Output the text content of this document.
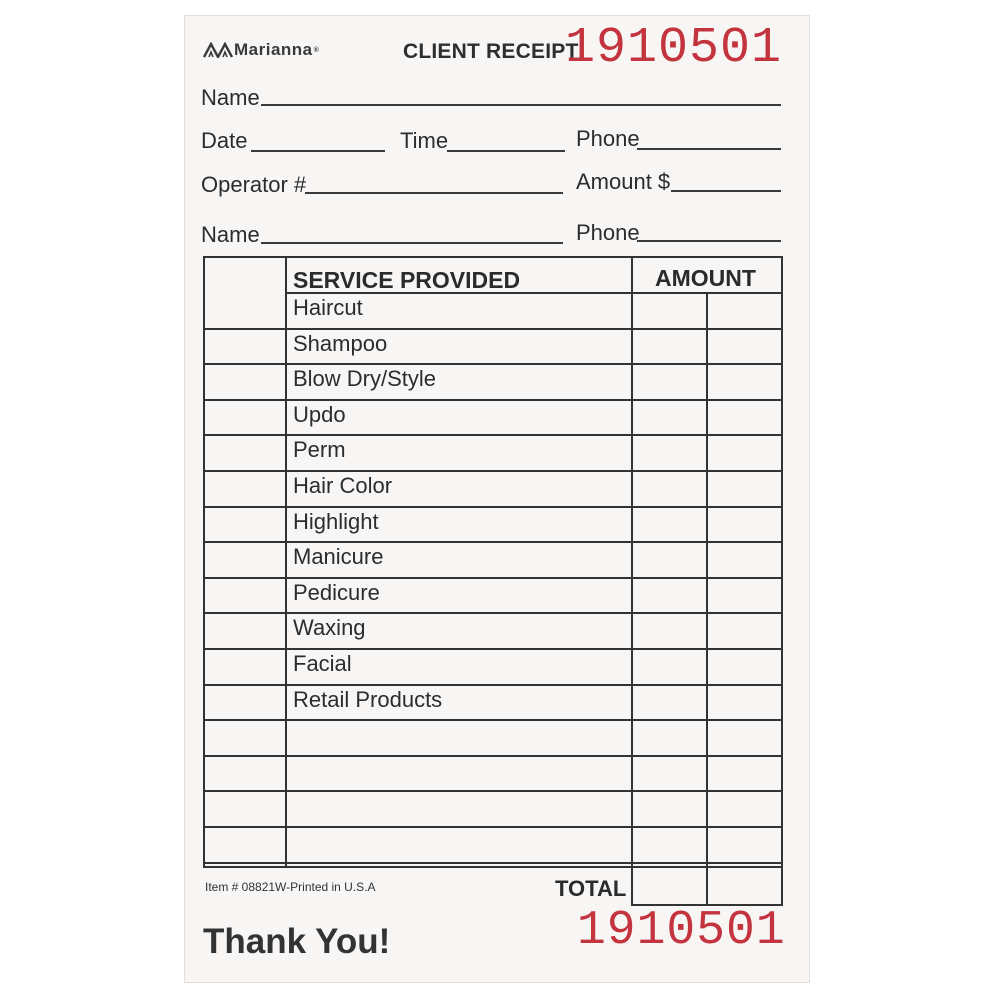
Marianna ®	CLIENT RECEIPT
1910501
Name
Date	Time	Phone
Operator #	Amount $
Name	Phone
SERVICE PROVIDED	AMOUNT
Haircut
Shampoo
Blow Dry/Style
Updo
Perm
Hair Color
Highlight
Manicure
Pedicure
Waxing
Facial
Retail Products
Item # 08821W-Printed in U.S.A	TOTAL
Thank You!	1910501
